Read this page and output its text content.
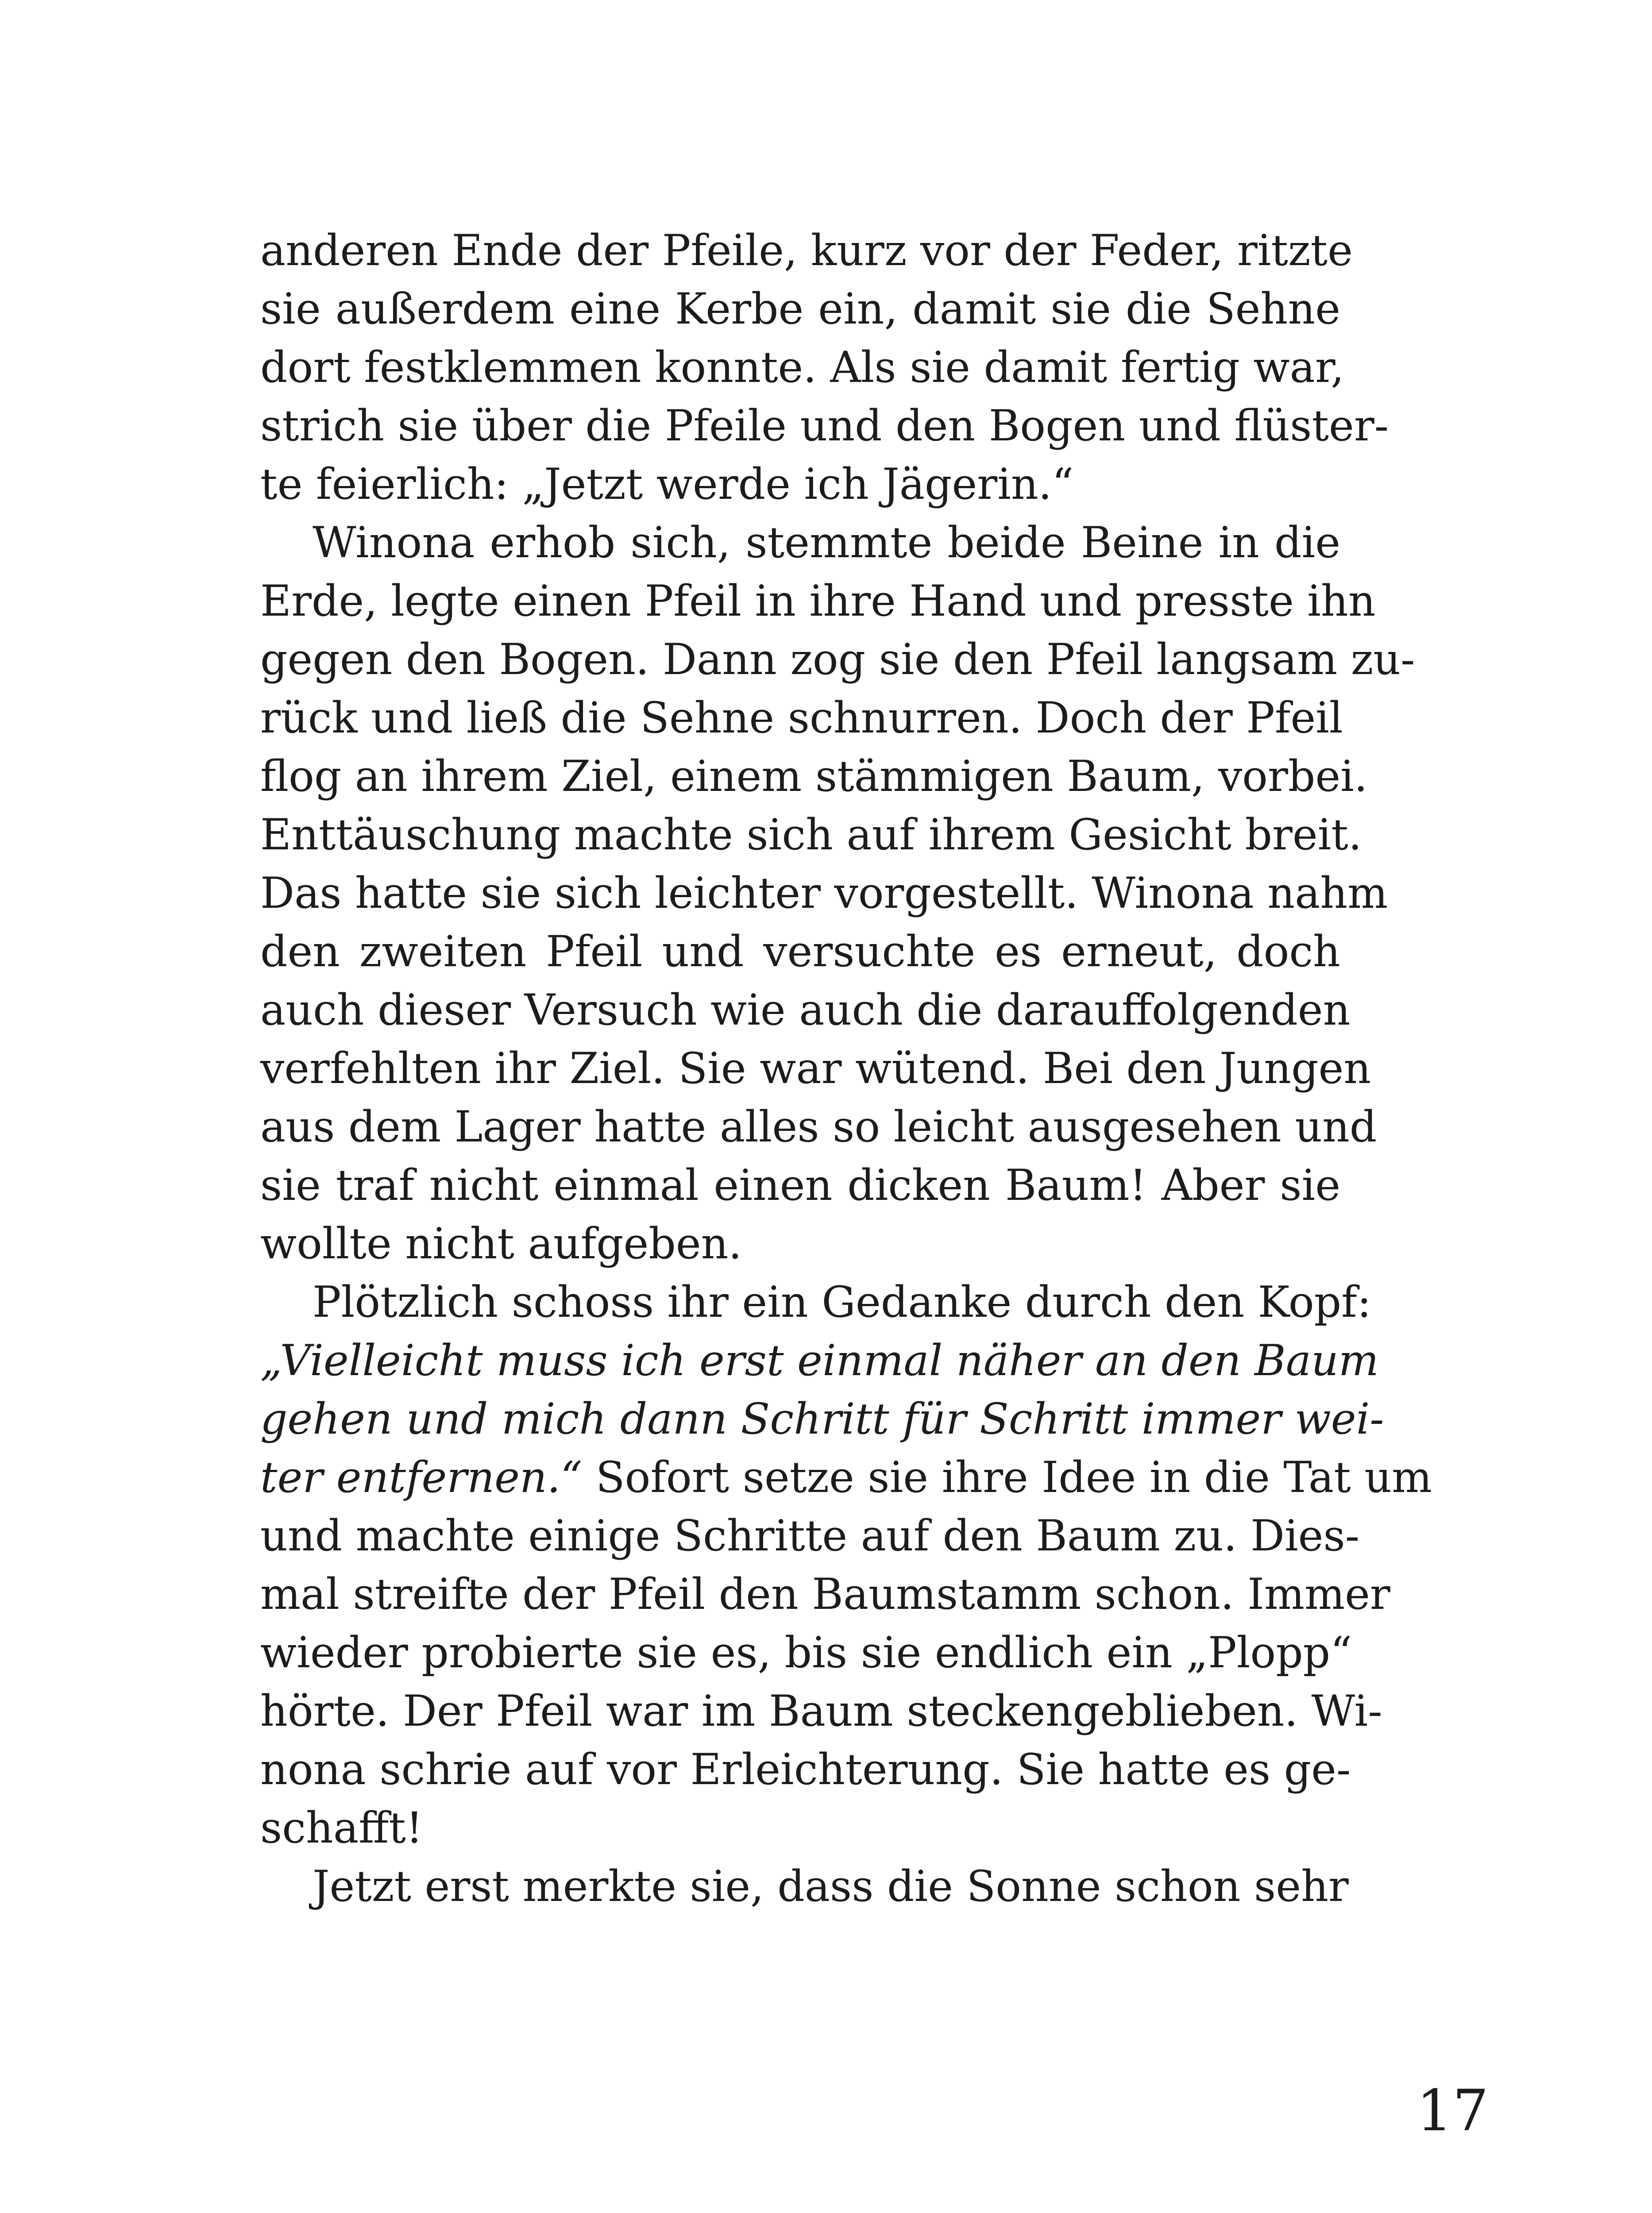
anderen Ende der Pfeile, kurz vor der Feder, ritzte
sie außerdem eine Kerbe ein, damit sie die Sehne
dort festklemmen konnte. Als sie damit fertig war,
strich sie über die Pfeile und den Bogen und flüster-
te feierlich: „Jetzt werde ich Jägerin.“
Winona erhob sich, stemmte beide Beine in die
Erde, legte einen Pfeil in ihre Hand und presste ihn
gegen den Bogen. Dann zog sie den Pfeil langsam zu-
rück und ließ die Sehne schnurren. Doch der Pfeil
flog an ihrem Ziel, einem stämmigen Baum, vorbei.
Enttäuschung machte sich auf ihrem Gesicht breit.
Das hatte sie sich leichter vorgestellt. Winona nahm
den zweiten Pfeil und versuchte es erneut, doch
auch dieser Versuch wie auch die darauffolgenden
verfehlten ihr Ziel. Sie war wütend. Bei den Jungen
aus dem Lager hatte alles so leicht ausgesehen und
sie traf nicht einmal einen dicken Baum! Aber sie
wollte nicht aufgeben.
Plötzlich schoss ihr ein Gedanke durch den Kopf:
„Vielleicht muss ich erst einmal näher an den Baum
gehen und mich dann Schritt für Schritt immer wei-
ter entfernen.“ Sofort setze sie ihre Idee in die Tat um
und machte einige Schritte auf den Baum zu. Dies-
mal streifte der Pfeil den Baumstamm schon. Immer
wieder probierte sie es, bis sie endlich ein „Plopp“
hörte. Der Pfeil war im Baum steckengeblieben. Wi-
nona schrie auf vor Erleichterung. Sie hatte es ge-
schafft!
Jetzt erst merkte sie, dass die Sonne schon sehr
17
